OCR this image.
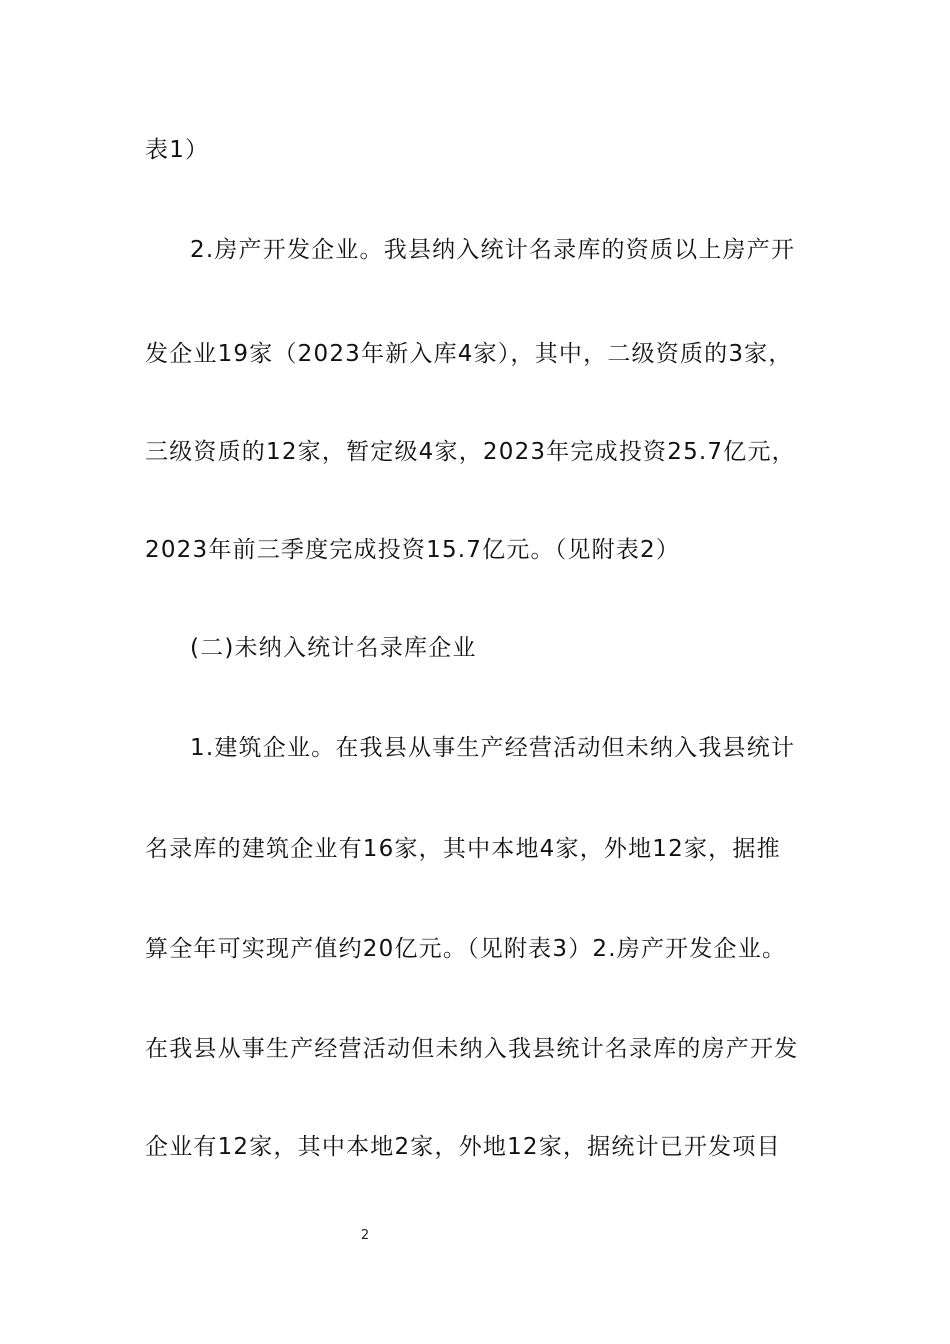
表1）
2.房产开发企业。我县纳入统计名录库的资质以上房产开
发企业19家（2023年新入库4家），其中，二级资质的3家，
三级资质的12家，暂定级4家，2023年完成投资25.7亿元，
2023年前三季度完成投资15.7亿元。（见附表2）
(二)未纳入统计名录库企业
1.建筑企业。在我县从事生产经营活动但未纳入我县统计
名录库的建筑企业有16家，其中本地4家，外地12家，据推
算全年可实现产值约20亿元。（见附表3）2.房产开发企业。
在我县从事生产经营活动但未纳入我县统计名录库的房产开发
企业有12家，其中本地2家，外地12家，据统计已开发项目
2
